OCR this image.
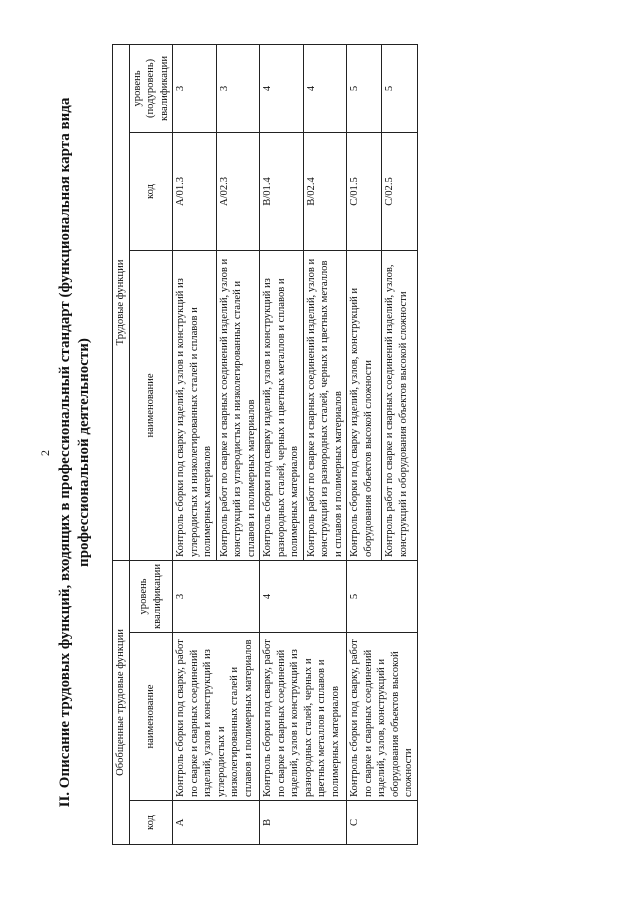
2 II. Описание трудовых функций, входящих в профессиональный стандарт (функциональная карта вида профессиональной деятельности)
Обобщенные трудовые функции			Трудовые функции		
код	наименование	уровень квалификации	наименование	код	уровень (подуровень) квалификации
A	Контроль сборки под сварку, работ по сварке и сварных соединений изделий, узлов и конструкций из углеродистых и низколегированных сталей и сплавов и полимерных материалов	3	Контроль сборки под сварку изделий, узлов и конструкций из углеродистых и низколегированных сталей и сплавов и полимерных материалов	A/01.3	3
			Контроль работ по сварке и сварных соединений изделий, узлов и конструкций из углеродистых и низколегированных сталей и сплавов и полимерных материалов	A/02.3	3
B	Контроль сборки под сварку, работ по сварке и сварных соединений изделий, узлов и конструкций из разнородных сталей, черных и цветных металлов и сплавов и полимерных материалов	4	Контроль сборки под сварку изделий, узлов и конструкций из разнородных сталей, черных и цветных металлов и сплавов и полимерных материалов	B/01.4	4
			Контроль работ по сварке и сварных соединений изделий, узлов и конструкций из разнородных сталей, черных и цветных металлов и сплавов и полимерных материалов	B/02.4	4
C	Контроль сборки под сварку, работ по сварке и сварных соединений изделий, узлов, конструкций и оборудования объектов высокой сложности	5	Контроль сборки под сварку изделий, узлов, конструкций и оборудования объектов высокой сложности	C/01.5	5
			Контроль работ по сварке и сварных соединений изделий, узлов, конструкций и оборудования объектов высокой сложности	C/02.5	5
